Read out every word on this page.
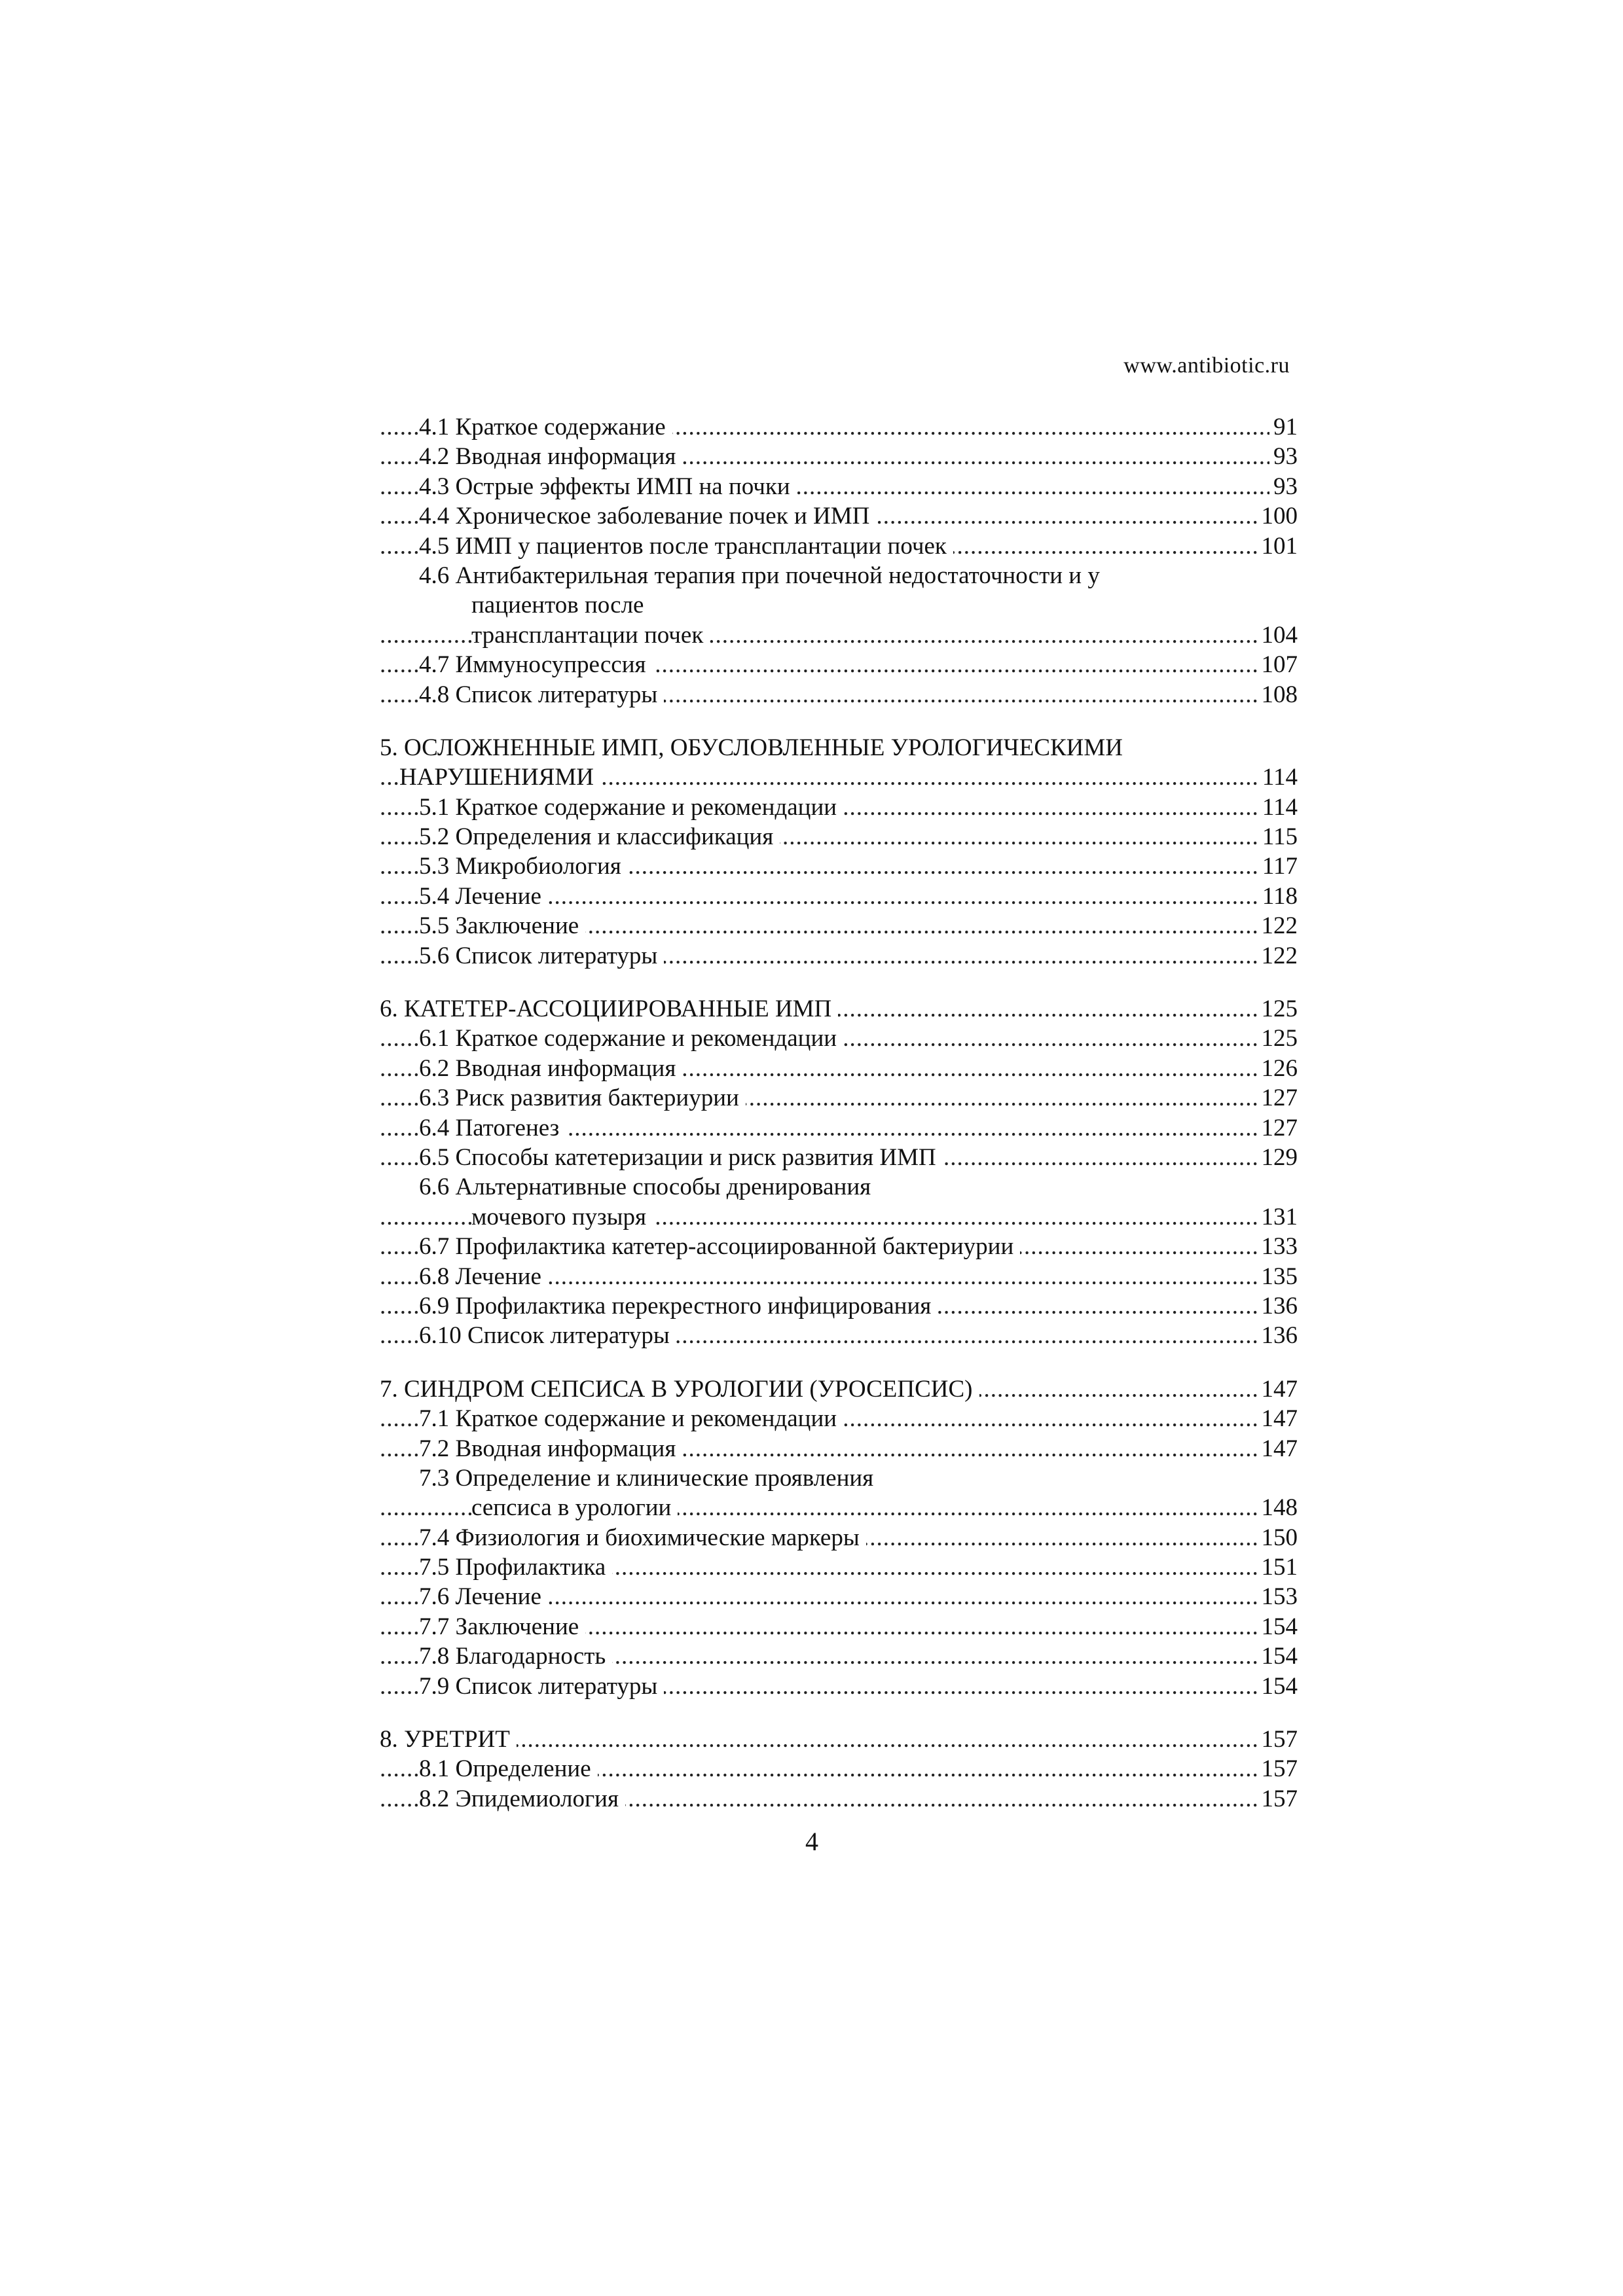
www.antibiotic.ru
.....
4.1 Краткое содержание	91
.....
4.2 Вводная информация	93
.....
4.3 Острые эффекты ИМП на почки	93
.....
4.4 Хроническое заболевание почек и ИМП	100
.....
4.5 ИМП у пациентов после трансплантации почек	101
4.6 Антибактерильная терапия при почечной недостаточности и у
пациентов после
.....
трансплантации почек	104
.....
4.7 Иммуносупрессия	107
.....
4.8 Список литературы	108
5. ОСЛОЖНЕННЫЕ ИМП, ОБУСЛОВЛЕННЫЕ УРОЛОГИЧЕСКИМИ
.....
НАРУШЕНИЯМИ	114
.....
5.1 Краткое содержание и рекомендации	114
.....
5.2 Определения и классификация	115
.....
5.3 Микробиология	117
.....
5.4 Лечение	118
.....
5.5 Заключение	122
.....
5.6 Список литературы	122
.....
6. КАТЕТЕР-АССОЦИИРОВАННЫЕ ИМП	125
.....
6.1 Краткое содержание и рекомендации	125
.....
6.2 Вводная информация	126
.....
6.3 Риск развития бактериурии	127
.....
6.4 Патогенез	127
.....
6.5 Способы катетеризации и риск развития ИМП	129
6.6 Альтернативные способы дренирования
.....
мочевого пузыря	131
.....
6.7 Профилактика катетер-ассоциированной бактериурии	133
.....
6.8 Лечение	135
.....
6.9 Профилактика перекрестного инфицирования	136
.....
6.10 Список литературы	136
.....
7. СИНДРОМ СЕПСИСА В УРОЛОГИИ (УРОСЕПСИС)	147
.....
7.1 Краткое содержание и рекомендации	147
.....
7.2 Вводная информация	147
7.3 Определение и клинические проявления
.....
сепсиса в урологии	148
.....
7.4 Физиология и биохимические маркеры	150
.....
7.5 Профилактика	151
.....
7.6 Лечение	153
.....
7.7 Заключение	154
.....
7.8 Благодарность	154
.....
7.9 Список литературы	154
.....
8. УРЕТРИТ	157
.....
8.1 Определение	157
.....
8.2 Эпидемиология	157
4
